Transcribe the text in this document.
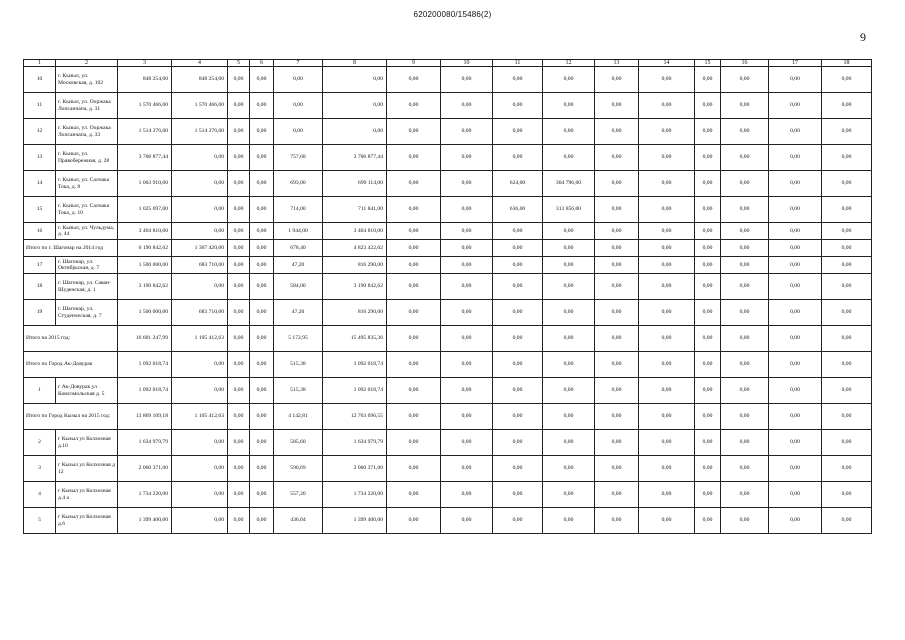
620200080/15486(2)
9
1	2	3	4	5	6	7	8	9	10	11	12	13	14	15	16	17	18
10	г. Кызыл, ул. Московская, д. 102	848 254,00	848 254,00	0,00	0,00	0,00	0,00	0,00	0,00	0,00	0,00	0,00	0,00	0,00	0,00	0,00	0,00
11	г. Кызыл, ул. Ооржака Лопсанчапа, д. 31	1 570 466,00	1 570 466,00	0,00	0,00	0,00	0,00	0,00	0,00	0,00	0,00	0,00	0,00	0,00	0,00	0,00	0,00
12	г. Кызыл, ул. Ооржака Лопсанчапа, д. 33	1 514 376,00	1 514 376,00	0,00	0,00	0,00	0,00	0,00	0,00	0,00	0,00	0,00	0,00	0,00	0,00	0,00	0,00
13	г. Кызыл, ул. Правобережная, д. 28	3 706 877,44	0,00	0,00	0,00	757,68	3 706 877,44	0,00	0,00	0,00	0,00	0,00	0,00	0,00	0,00	0,00	0,00
14	г. Кызыл, ул. Салчака Тока, д. 8	1 003 910,00	0,00	0,00	0,00	693,00	699 114,00	0,00	0,00	624,00	304 796,00	0,00	0,00	0,00	0,00	0,00	0,00
15	г. Кызыл, ул. Салчака Тока, д. 10	1 025 697,00	0,00	0,00	0,00	714,00	711 841,00	0,00	0,00	636,00	313 856,00	0,00	0,00	0,00	0,00	0,00	0,00
16	г. Кызыл, ул. Чульдума, д. 44	3 404 810,00	0,00	0,00	0,00	1 944,00	3 404 810,00	0,00	0,00	0,00	0,00	0,00	0,00	0,00	0,00	0,00	0,00
Итого по г. Шагонар на 2014 год		6 190 842,62	1 367 420,00	0,00	0,00	678,40	4 823 422,62	0,00	0,00	0,00	0,00	0,00	0,00	0,00	0,00	0,00	0,00
17	г. Шагонар, ул. Октябрьская, д. 7	1 500 000,00	683 710,00	0,00	0,00	47,20	816 290,00	0,00	0,00	0,00	0,00	0,00	0,00	0,00	0,00	0,00	0,00
18	г. Шагонар, ул. Саван-Шуденская, д. 1	3 190 842,62	0,00	0,00	0,00	584,00	3 190 842,62	0,00	0,00	0,00	0,00	0,00	0,00	0,00	0,00	0,00	0,00
19	г. Шагонар, ул. Студенческая, д. 7	1 500 000,00	683 710,00	0,00	0,00	47,20	816 290,00	0,00	0,00	0,00	0,00	0,00	0,00	0,00	0,00	0,00	0,00
Итого на 2015 год:		16 601 247,99	1 105 412,63	0,00	0,00	5 172,95	15 495 835,36	0,00	0,00	0,00	0,00	0,00	0,00	0,00	0,00	0,00	0,00
Итого по Город Ак-Довурак		1 092 018,74	0,00	0,00	0,00	515,38	1 092 018,74	0,00	0,00	0,00	0,00	0,00	0,00	0,00	0,00	0,00	0,00
1	г Ак-Довурак ул Комсомольская д. 5	1 092 018,74	0,00	0,00	0,00	515,38	1 092 018,74	0,00	0,00	0,00	0,00	0,00	0,00	0,00	0,00	0,00	0,00
Итого по Город Кызыл на 2015 год:		13 869 109,18	1 105 412,63	0,00	0,00	4 142,81	12 763 696,55	0,00	0,00	0,00	0,00	0,00	0,00	0,00	0,00	0,00	0,00
2	г Кызыл ул Колхозная д.10	1 634 979,79	0,00	0,00	0,00	585,60	1 634 979,79	0,00	0,00	0,00	0,00	0,00	0,00	0,00	0,00	0,00	0,00
3	г Кызыл ул Колхозная д 12	2 060 371,00	0,00	0,00	0,00	590,69	2 060 371,00	0,00	0,00	0,00	0,00	0,00	0,00	0,00	0,00	0,00	0,00
4	г Кызыл ул Колхозная д.4 а	1 734 220,00	0,00	0,00	0,00	557,20	1 734 220,00	0,00	0,00	0,00	0,00	0,00	0,00	0,00	0,00	0,00	0,00
5	г Кызыл ул Колхозная д.6	1 399 400,00	0,00	0,00	0,00	436,04	1 399 400,00	0,00	0,00	0,00	0,00	0,00	0,00	0,00	0,00	0,00	0,00
